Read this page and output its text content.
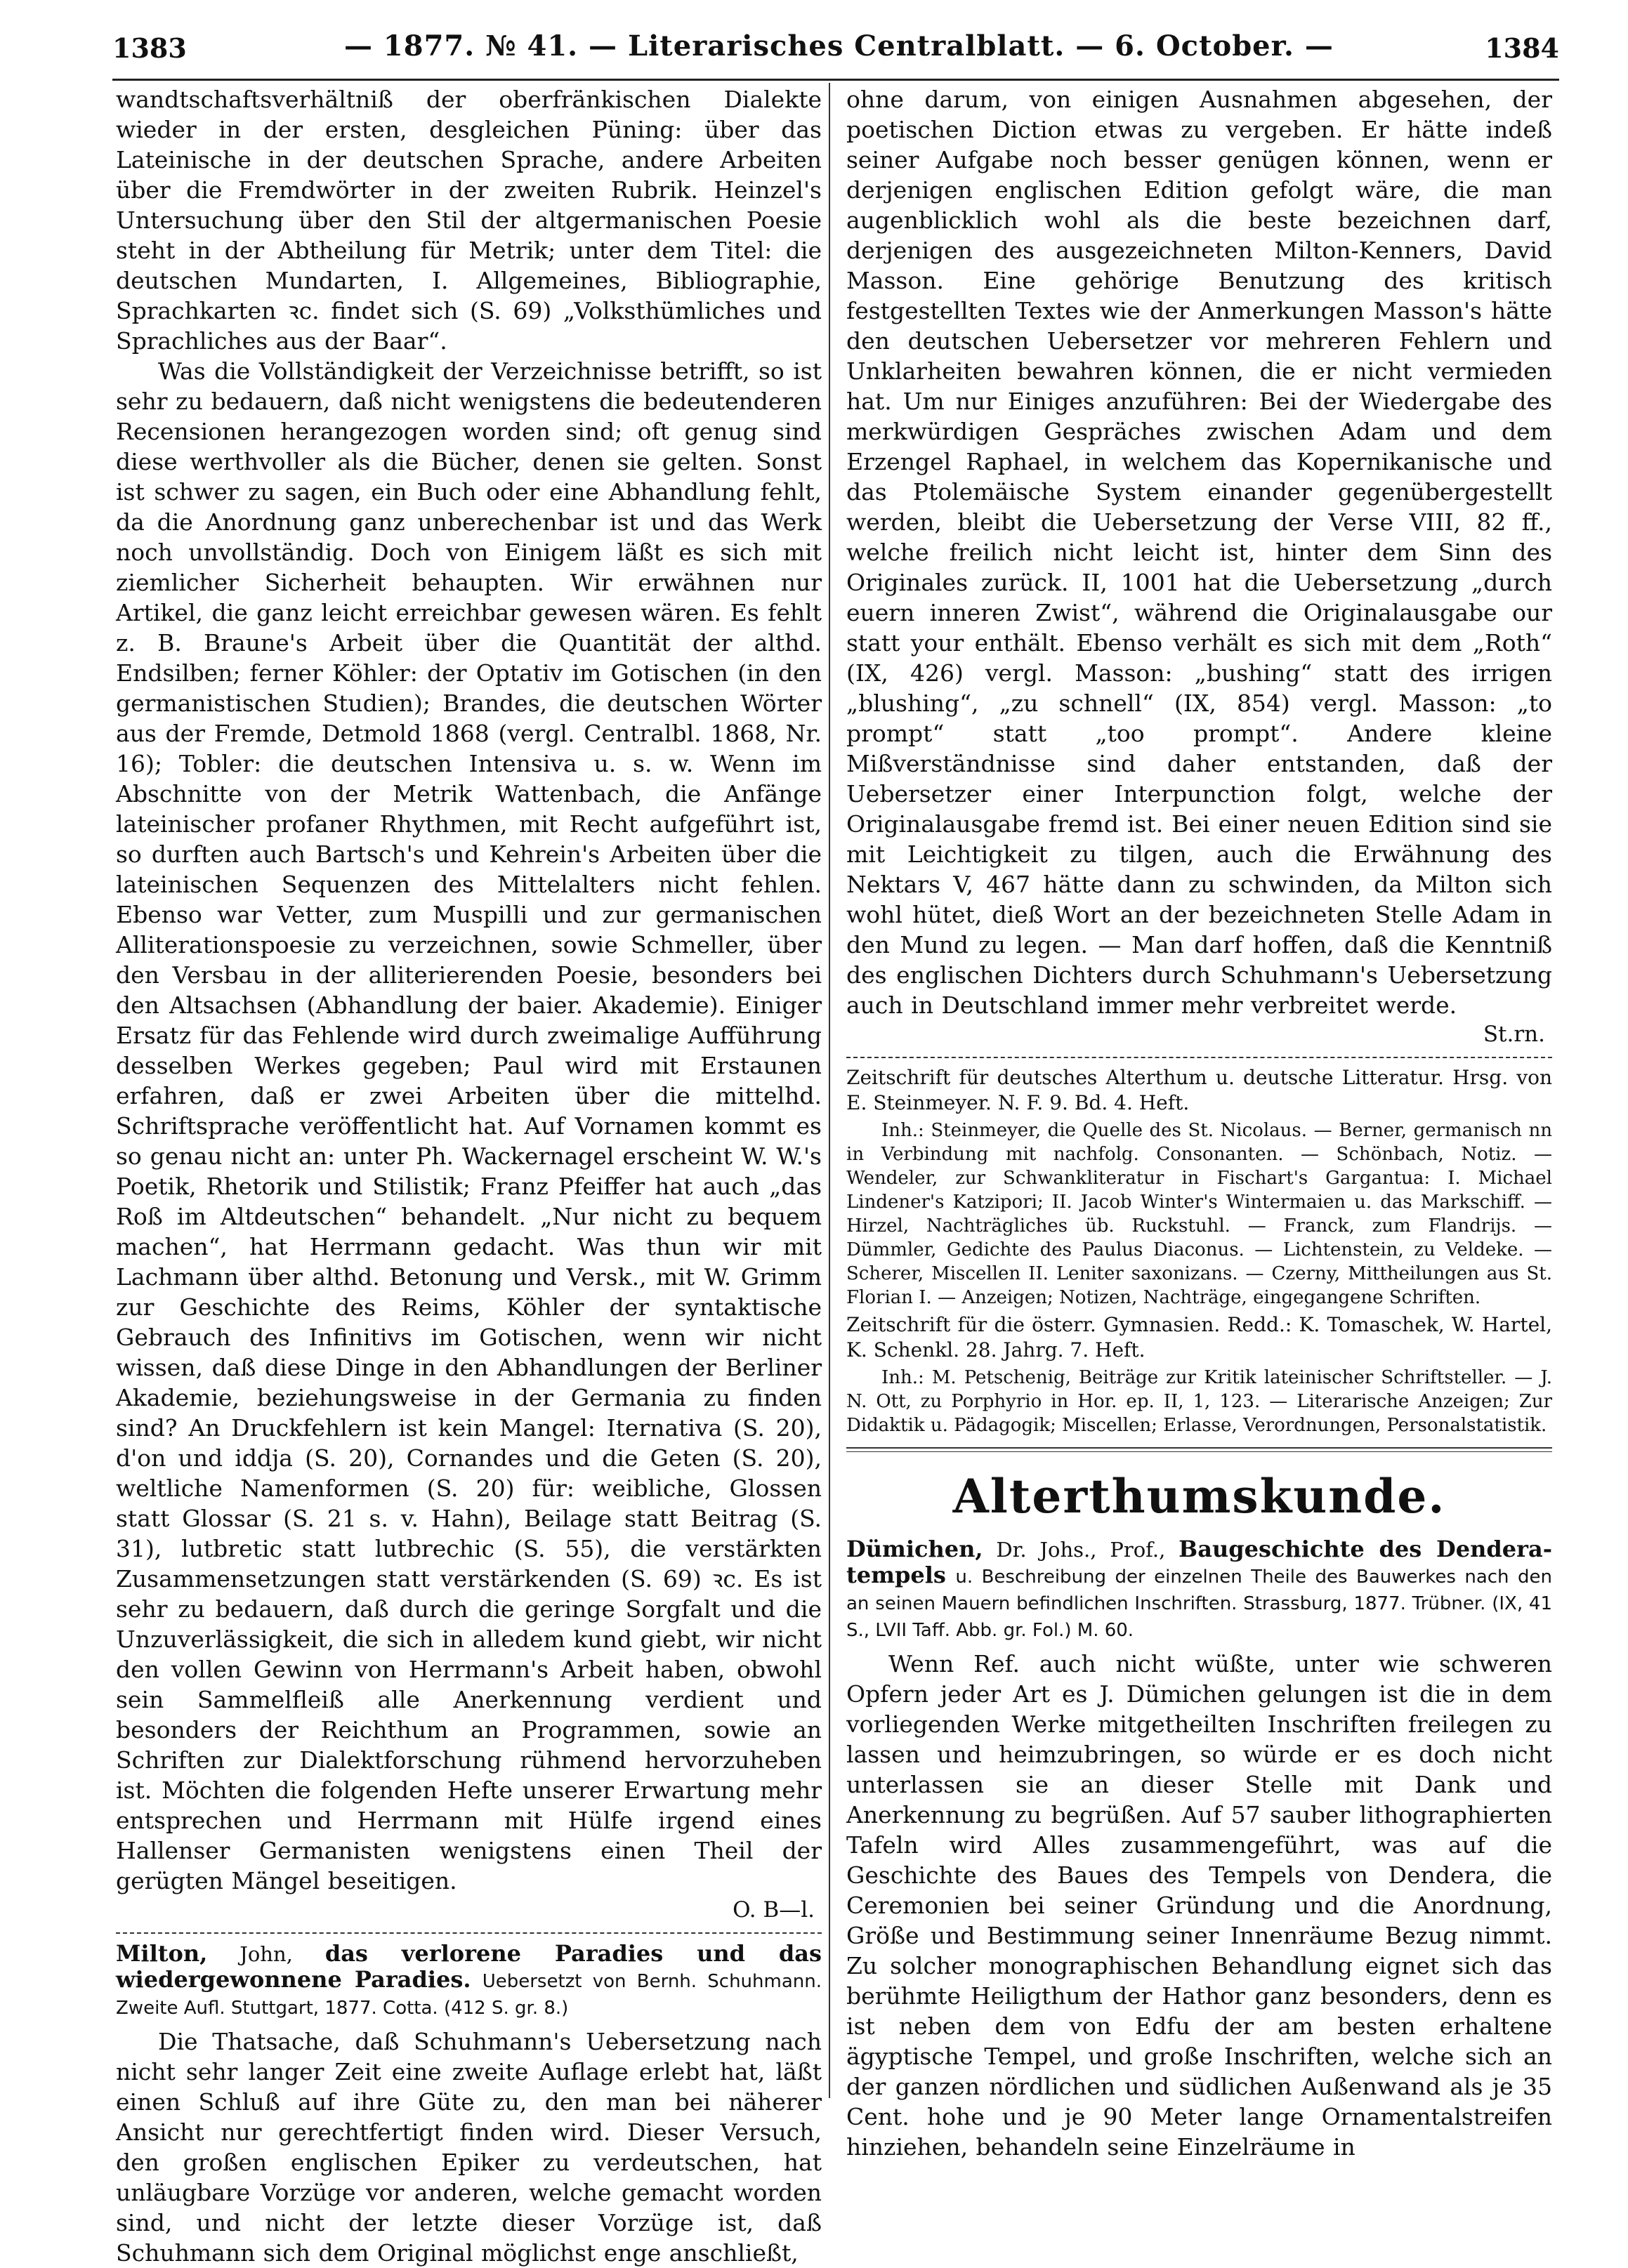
1383	— 1877. № 41. — Literarisches Centralblatt. — 6. October. —	1384

wandtschaftsverhältniß der oberfränkischen Dialekte wieder in der ersten, desgleichen Püning: über das Lateinische in der deutschen Sprache, andere Arbeiten über die Fremdwörter in der zweiten Rubrik. Heinzel's Untersuchung über den Stil der altgermanischen Poesie steht in der Abtheilung für Metrik; unter dem Titel: die deutschen Mundarten, I. Allgemeines, Bibliographie, Sprachkarten ꝛc. findet sich (S. 69) „Volksthümliches und Sprachliches aus der Baar“.

Was die Vollständigkeit der Verzeichnisse betrifft, so ist sehr zu bedauern, daß nicht wenigstens die bedeutenderen Recensionen herangezogen worden sind; oft genug sind diese werthvoller als die Bücher, denen sie gelten. Sonst ist schwer zu sagen, ein Buch oder eine Abhandlung fehlt, da die Anordnung ganz unberechenbar ist und das Werk noch unvollständig. Doch von Einigem läßt es sich mit ziemlicher Sicherheit behaupten. Wir erwähnen nur Artikel, die ganz leicht erreichbar gewesen wären. Es fehlt z. B. Braune's Arbeit über die Quantität der althd. Endsilben; ferner Köhler: der Optativ im Gotischen (in den germanistischen Studien); Brandes, die deutschen Wörter aus der Fremde, Detmold 1868 (vergl. Centralbl. 1868, Nr. 16); Tobler: die deutschen Intensiva u. s. w. Wenn im Abschnitte von der Metrik Wattenbach, die Anfänge lateinischer profaner Rhythmen, mit Recht aufgeführt ist, so durften auch Bartsch's und Kehrein's Arbeiten über die lateinischen Sequenzen des Mittelalters nicht fehlen. Ebenso war Vetter, zum Muspilli und zur germanischen Alliterationspoesie zu verzeichnen, sowie Schmeller, über den Versbau in der alliterierenden Poesie, besonders bei den Altsachsen (Abhandlung der baier. Akademie). Einiger Ersatz für das Fehlende wird durch zweimalige Aufführung desselben Werkes gegeben; Paul wird mit Erstaunen erfahren, daß er zwei Arbeiten über die mittelhd. Schriftsprache veröffentlicht hat. Auf Vornamen kommt es so genau nicht an: unter Ph. Wackernagel erscheint W. W.'s Poetik, Rhetorik und Stilistik; Franz Pfeiffer hat auch „das Roß im Altdeutschen“ behandelt. „Nur nicht zu bequem machen“, hat Herrmann gedacht. Was thun wir mit Lachmann über althd. Betonung und Versk., mit W. Grimm zur Geschichte des Reims, Köhler der syntaktische Gebrauch des Infinitivs im Gotischen, wenn wir nicht wissen, daß diese Dinge in den Abhandlungen der Berliner Akademie, beziehungsweise in der Germania zu finden sind? An Druckfehlern ist kein Mangel: Iternativa (S. 20), d'on und iddja (S. 20), Cornandes und die Geten (S. 20), weltliche Namenformen (S. 20) für: weibliche, Glossen statt Glossar (S. 21 s. v. Hahn), Beilage statt Beitrag (S. 31), lutbretic statt lutbrechic (S. 55), die verstärkten Zusammensetzungen statt verstärkenden (S. 69) ꝛc. Es ist sehr zu bedauern, daß durch die geringe Sorgfalt und die Unzuverlässigkeit, die sich in alledem kund giebt, wir nicht den vollen Gewinn von Herrmann's Arbeit haben, obwohl sein Sammelfleiß alle Anerkennung verdient und besonders der Reichthum an Programmen, sowie an Schriften zur Dialektforschung rühmend hervorzuheben ist. Möchten die folgenden Hefte unserer Erwartung mehr entsprechen und Herrmann mit Hülfe irgend eines Hallenser Germanisten wenigstens einen Theil der gerügten Mängel beseitigen.

O. B—l.

Milton, John, das verlorene Paradies und das wiedergewonnene Paradies. Uebersetzt von Bernh. Schuhmann. Zweite Aufl. Stuttgart, 1877. Cotta. (412 S. gr. 8.)

Die Thatsache, daß Schuhmann's Uebersetzung nach nicht sehr langer Zeit eine zweite Auflage erlebt hat, läßt einen Schluß auf ihre Güte zu, den man bei näherer Ansicht nur gerechtfertigt finden wird. Dieser Versuch, den großen englischen Epiker zu verdeutschen, hat unläugbare Vorzüge vor anderen, welche gemacht worden sind, und nicht der letzte dieser Vorzüge ist, daß Schuhmann sich dem Original möglichst enge anschließt,

ohne darum, von einigen Ausnahmen abgesehen, der poetischen Diction etwas zu vergeben. Er hätte indeß seiner Aufgabe noch besser genügen können, wenn er derjenigen englischen Edition gefolgt wäre, die man augenblicklich wohl als die beste bezeichnen darf, derjenigen des ausgezeichneten Milton-Kenners, David Masson. Eine gehörige Benutzung des kritisch festgestellten Textes wie der Anmerkungen Masson's hätte den deutschen Uebersetzer vor mehreren Fehlern und Unklarheiten bewahren können, die er nicht vermieden hat. Um nur Einiges anzuführen: Bei der Wiedergabe des merkwürdigen Gespräches zwischen Adam und dem Erzengel Raphael, in welchem das Kopernikanische und das Ptolemäische System einander gegenübergestellt werden, bleibt die Uebersetzung der Verse VIII, 82 ff., welche freilich nicht leicht ist, hinter dem Sinn des Originales zurück. II, 1001 hat die Uebersetzung „durch euern inneren Zwist“, während die Originalausgabe our statt your enthält. Ebenso verhält es sich mit dem „Roth“ (IX, 426) vergl. Masson: „bushing“ statt des irrigen „blushing“, „zu schnell“ (IX, 854) vergl. Masson: „to prompt“ statt „too prompt“. Andere kleine Mißverständnisse sind daher entstanden, daß der Uebersetzer einer Interpunction folgt, welche der Originalausgabe fremd ist. Bei einer neuen Edition sind sie mit Leichtigkeit zu tilgen, auch die Erwähnung des Nektars V, 467 hätte dann zu schwinden, da Milton sich wohl hütet, dieß Wort an der bezeichneten Stelle Adam in den Mund zu legen. — Man darf hoffen, daß die Kenntniß des englischen Dichters durch Schuhmann's Uebersetzung auch in Deutschland immer mehr verbreitet werde.

St.rn.

Zeitschrift für deutsches Alterthum u. deutsche Litteratur. Hrsg. von E. Steinmeyer. N. F. 9. Bd. 4. Heft.

Inh.: Steinmeyer, die Quelle des St. Nicolaus. — Berner, germanisch nn in Verbindung mit nachfolg. Consonanten. — Schönbach, Notiz. — Wendeler, zur Schwankliteratur in Fischart's Gargantua: I. Michael Lindener's Katzipori; II. Jacob Winter's Wintermaien u. das Markschiff. — Hirzel, Nachträgliches üb. Ruckstuhl. — Franck, zum Flandrijs. — Dümmler, Gedichte des Paulus Diaconus. — Lichtenstein, zu Veldeke. — Scherer, Miscellen II. Leniter saxonizans. — Czerny, Mittheilungen aus St. Florian I. — Anzeigen; Notizen, Nachträge, eingegangene Schriften.

Zeitschrift für die österr. Gymnasien. Redd.: K. Tomaschek, W. Hartel, K. Schenkl. 28. Jahrg. 7. Heft.

Inh.: M. Petschenig, Beiträge zur Kritik lateinischer Schriftsteller. — J. N. Ott, zu Porphyrio in Hor. ep. II, 1, 123. — Literarische Anzeigen; Zur Didaktik u. Pädagogik; Miscellen; Erlasse, Verordnungen, Personalstatistik.

Alterthumskunde.

Dümichen, Dr. Johs., Prof., Baugeschichte des Dendera-tempels u. Beschreibung der einzelnen Theile des Bauwerkes nach den an seinen Mauern befindlichen Inschriften. Strassburg, 1877. Trübner. (IX, 41 S., LVII Taff. Abb. gr. Fol.) M. 60.

Wenn Ref. auch nicht wüßte, unter wie schweren Opfern jeder Art es J. Dümichen gelungen ist die in dem vorliegenden Werke mitgetheilten Inschriften freilegen zu lassen und heimzubringen, so würde er es doch nicht unterlassen sie an dieser Stelle mit Dank und Anerkennung zu begrüßen. Auf 57 sauber lithographierten Tafeln wird Alles zusammengeführt, was auf die Geschichte des Baues des Tempels von Dendera, die Ceremonien bei seiner Gründung und die Anordnung, Größe und Bestimmung seiner Innenräume Bezug nimmt. Zu solcher monographischen Behandlung eignet sich das berühmte Heiligthum der Hathor ganz besonders, denn es ist neben dem von Edfu der am besten erhaltene ägyptische Tempel, und große Inschriften, welche sich an der ganzen nördlichen und südlichen Außenwand als je 35 Cent. hohe und je 90 Meter lange Ornamentalstreifen hinziehen, behandeln seine Einzelräume in
